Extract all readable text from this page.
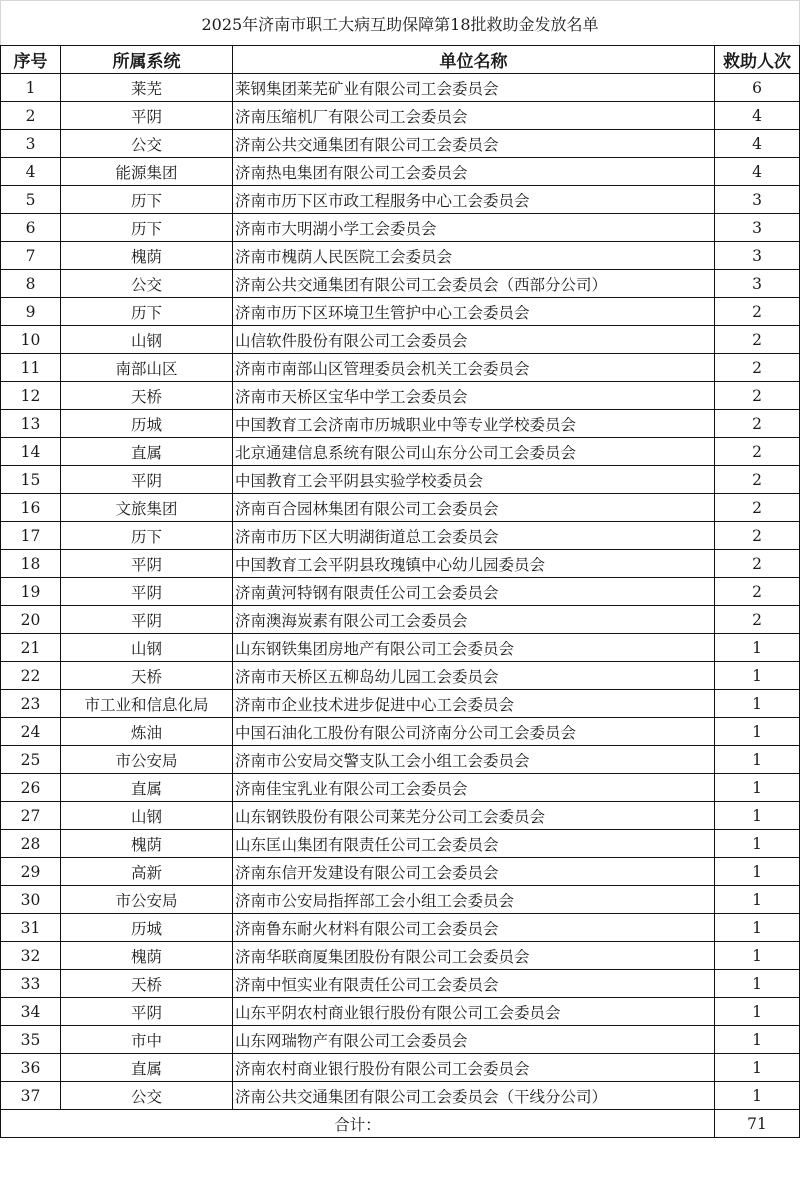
2025年济南市职工大病互助保障第18批救助金发放名单
序号	所属系统	单位名称	救助人次
1	莱芜	莱钢集团莱芜矿业有限公司工会委员会	6
2	平阴	济南压缩机厂有限公司工会委员会	4
3	公交	济南公共交通集团有限公司工会委员会	4
4	能源集团	济南热电集团有限公司工会委员会	4
5	历下	济南市历下区市政工程服务中心工会委员会	3
6	历下	济南市大明湖小学工会委员会	3
7	槐荫	济南市槐荫人民医院工会委员会	3
8	公交	济南公共交通集团有限公司工会委员会（西部分公司）	3
9	历下	济南市历下区环境卫生管护中心工会委员会	2
10	山钢	山信软件股份有限公司工会委员会	2
11	南部山区	济南市南部山区管理委员会机关工会委员会	2
12	天桥	济南市天桥区宝华中学工会委员会	2
13	历城	中国教育工会济南市历城职业中等专业学校委员会	2
14	直属	北京通建信息系统有限公司山东分公司工会委员会	2
15	平阴	中国教育工会平阴县实验学校委员会	2
16	文旅集团	济南百合园林集团有限公司工会委员会	2
17	历下	济南市历下区大明湖街道总工会委员会	2
18	平阴	中国教育工会平阴县玫瑰镇中心幼儿园委员会	2
19	平阴	济南黄河特钢有限责任公司工会委员会	2
20	平阴	济南澳海炭素有限公司工会委员会	2
21	山钢	山东钢铁集团房地产有限公司工会委员会	1
22	天桥	济南市天桥区五柳岛幼儿园工会委员会	1
23	市工业和信息化局	济南市企业技术进步促进中心工会委员会	1
24	炼油	中国石油化工股份有限公司济南分公司工会委员会	1
25	市公安局	济南市公安局交警支队工会小组工会委员会	1
26	直属	济南佳宝乳业有限公司工会委员会	1
27	山钢	山东钢铁股份有限公司莱芜分公司工会委员会	1
28	槐荫	山东匡山集团有限责任公司工会委员会	1
29	高新	济南东信开发建设有限公司工会委员会	1
30	市公安局	济南市公安局指挥部工会小组工会委员会	1
31	历城	济南鲁东耐火材料有限公司工会委员会	1
32	槐荫	济南华联商厦集团股份有限公司工会委员会	1
33	天桥	济南中恒实业有限责任公司工会委员会	1
34	平阴	山东平阴农村商业银行股份有限公司工会委员会	1
35	市中	山东网瑞物产有限公司工会委员会	1
36	直属	济南农村商业银行股份有限公司工会委员会	1
37	公交	济南公共交通集团有限公司工会委员会（干线分公司）	1
合计：			71
